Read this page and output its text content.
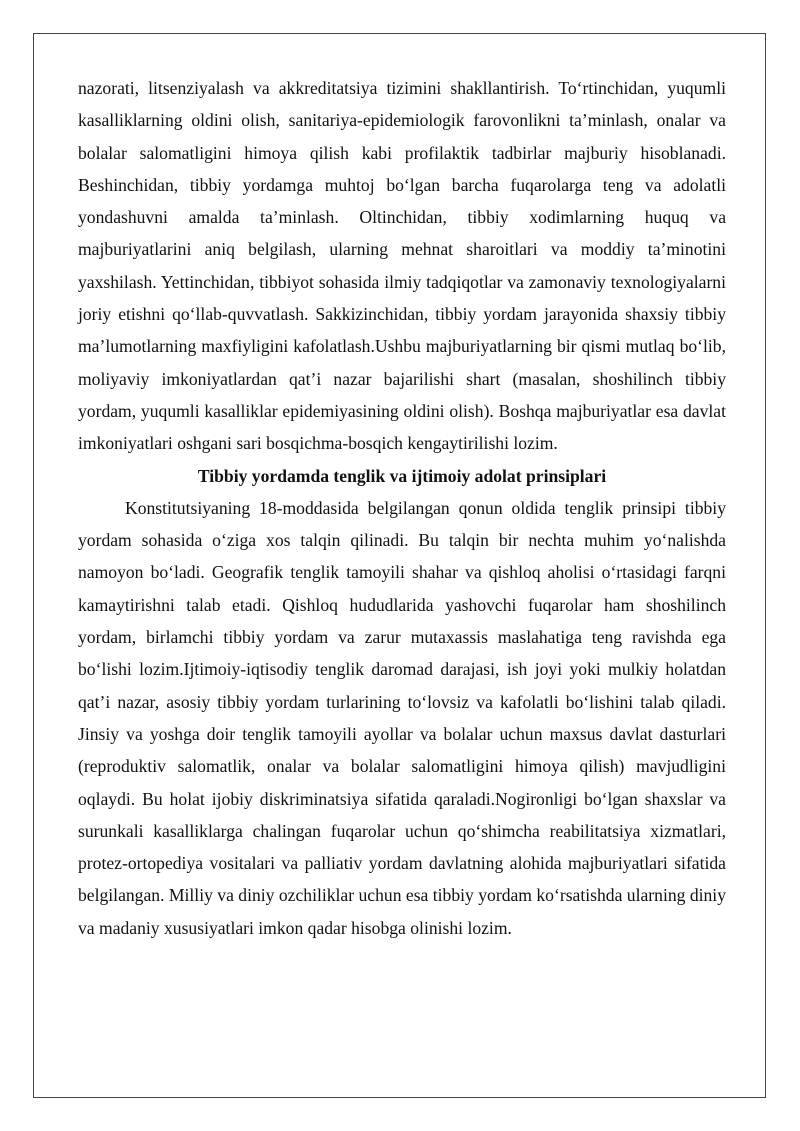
nazorati, litsenziyalash va akkreditatsiya tizimini shakllantirish. To‘rtinchidan, yuqumli kasalliklarning oldini olish, sanitariya-epidemiologik farovonlikni ta’minlash, onalar va bolalar salomatligini himoya qilish kabi profilaktik tadbirlar majburiy hisoblanadi. Beshinchidan, tibbiy yordamga muhtoj bo‘lgan barcha fuqarolarga teng va adolatli yondashuvni amalda ta’minlash. Oltinchidan, tibbiy xodimlarning huquq va majburiyatlarini aniq belgilash, ularning mehnat sharoitlari va moddiy ta’minotini yaxshilash. Yettinchidan, tibbiyot sohasida ilmiy tadqiqotlar va zamonaviy texnologiyalarni joriy etishni qo‘llab-quvvatlash. Sakkizinchidan, tibbiy yordam jarayonida shaxsiy tibbiy ma’lumotlarning maxfiyligini kafolatlash.Ushbu majburiyatlarning bir qismi mutlaq bo‘lib, moliyaviy imkoniyatlardan qat’i nazar bajarilishi shart (masalan, shoshilinch tibbiy yordam, yuqumli kasalliklar epidemiyasining oldini olish). Boshqa majburiyatlar esa davlat imkoniyatlari oshgani sari bosqichma-bosqich kengaytirilishi lozim.

Tibbiy yordamda tenglik va ijtimoiy adolat prinsiplari

Konstitutsiyaning 18-moddasida belgilangan qonun oldida tenglik prinsipi tibbiy yordam sohasida o‘ziga xos talqin qilinadi. Bu talqin bir nechta muhim yo‘nalishda namoyon bo‘ladi. Geografik tenglik tamoyili shahar va qishloq aholisi o‘rtasidagi farqni kamaytirishni talab etadi. Qishloq hududlarida yashovchi fuqarolar ham shoshilinch yordam, birlamchi tibbiy yordam va zarur mutaxassis maslahatiga teng ravishda ega bo‘lishi lozim.Ijtimoiy-iqtisodiy tenglik daromad darajasi, ish joyi yoki mulkiy holatdan qat’i nazar, asosiy tibbiy yordam turlarining to‘lovsiz va kafolatli bo‘lishini talab qiladi. Jinsiy va yoshga doir tenglik tamoyili ayollar va bolalar uchun maxsus davlat dasturlari (reproduktiv salomatlik, onalar va bolalar salomatligini himoya qilish) mavjudligini oqlaydi. Bu holat ijobiy diskriminatsiya sifatida qaraladi.Nogironligi bo‘lgan shaxslar va surunkali kasalliklarga chalingan fuqarolar uchun qo‘shimcha reabilitatsiya xizmatlari, protez-ortopediya vositalari va palliativ yordam davlatning alohida majburiyatlari sifatida belgilangan. Milliy va diniy ozchiliklar uchun esa tibbiy yordam ko‘rsatishda ularning diniy va madaniy xususiyatlari imkon qadar hisobga olinishi lozim.
